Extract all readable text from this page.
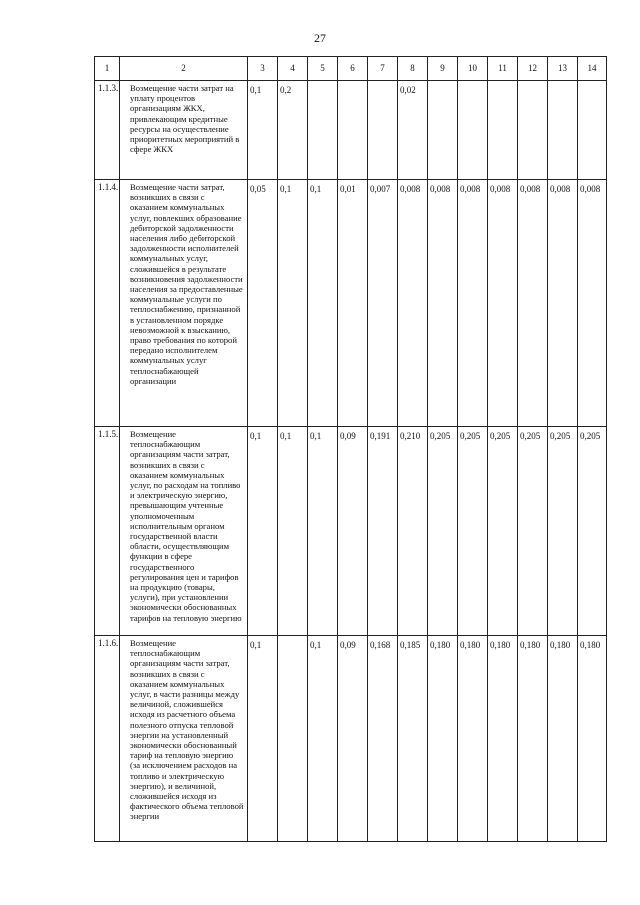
27
1	2	3	4	5	6	7	8	9	10	11	12	13	14
1.1.3.	Возмещение части затрат на уплату процентов организациям ЖКХ, привлекающим кредитные ресурсы на осуществление приоритетных мероприятий в сфере ЖКХ	0,1	0,2				0,02						
1.1.4.	Возмещение части затрат, возникших в связи с оказанием коммунальных услуг, повлекших образование дебиторской задолженности населения либо дебиторской задолженности исполнителей коммунальных услуг, сложившейся в результате возникновения задолженности населения за предоставленные коммунальные услуги по теплоснабжению, признанной в установленном порядке невозможной к взысканию, право требования по которой передано исполнителем коммунальных услуг теплоснабжающей организации	0,05	0,1	0,1	0,01	0,007	0,008	0,008	0,008	0,008	0,008	0,008	0,008
1.1.5.	Возмещение теплоснабжающим организациям части затрат, возникших в связи с оказанием коммунальных услуг, по расходам на топливо и электрическую энергию, превышающим учтенные уполномоченным исполнительным органом государственной власти области, осуществляющим функции в сфере государственного регулирования цен и тарифов на продукцию (товары, услуги), при установлении экономически обоснованных тарифов на тепловую энергию	0,1	0,1	0,1	0,09	0,191	0,210	0,205	0,205	0,205	0,205	0,205	0,205
1.1.6.	Возмещение теплоснабжающим организациям части затрат, возникших в связи с оказанием коммунальных услуг, в части разницы между величиной, сложившейся исходя из расчетного объема полезного отпуска тепловой энергии на установленный экономически обоснованный тариф на тепловую энергию (за исключением расходов на топливо и электрическую энергию), и величиной, сложившейся исходя из фактического объема тепловой энергии	0,1		0,1	0,09	0,168	0,185	0,180	0,180	0,180	0,180	0,180	0,180
